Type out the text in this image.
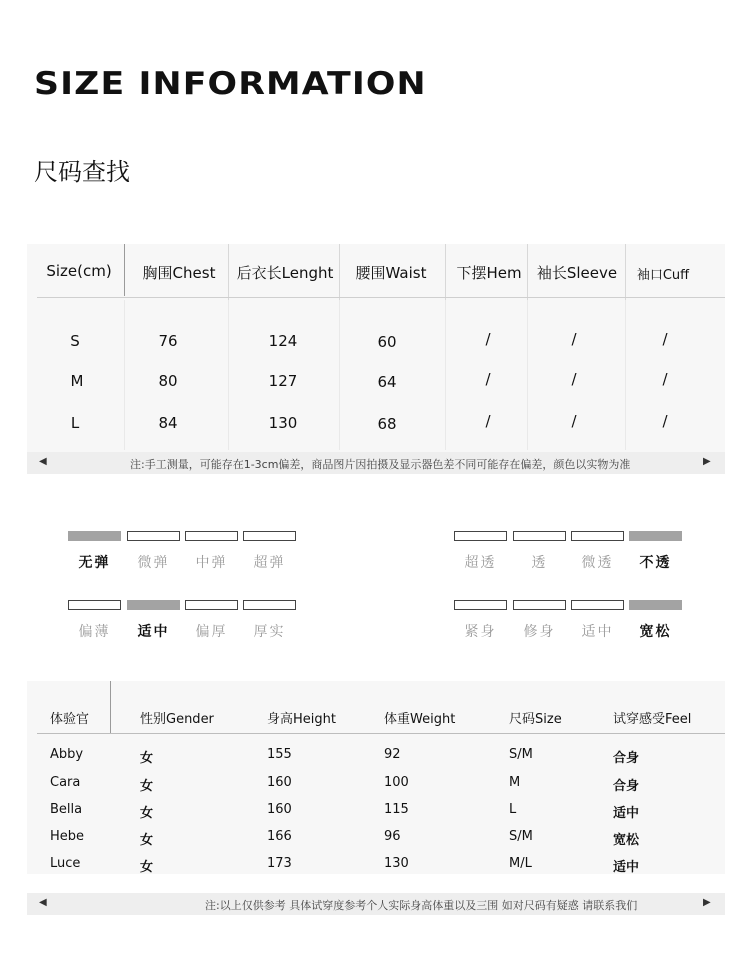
SIZE INFORMATION
尺码查找
Size(cm) 胸围Chest 后衣长Lenght 腰围Waist 下摆Hem 袖长Sleeve 袖口Cuff
S	76	124	60	/	/	/
M	80	127	64	/	/	/
L	84	130	68	/	/	/
◀	注:手工测量，可能存在1-3cm偏差，商品图片因拍摄及显示器色差不同可能存在偏差，颜色以实物为准	▶
无弹	微弹	中弹	超弹	超透	透	微透	不透
偏薄	适中	偏厚	厚实	紧身	修身	适中	宽松
体验官	性别Gender	身高Height	体重Weight	尺码Size	试穿感受Feel
Abby	女	155	92	S/M	合身
Cara	女	160	100	M	合身
Bella	女	160	115	L	适中
Hebe	女	166	96	S/M	宽松
Luce	女	173	130	M/L	适中
◀	注:以上仅供参考 具体试穿度参考个人实际身高体重以及三围 如对尺码有疑惑 请联系我们	▶
